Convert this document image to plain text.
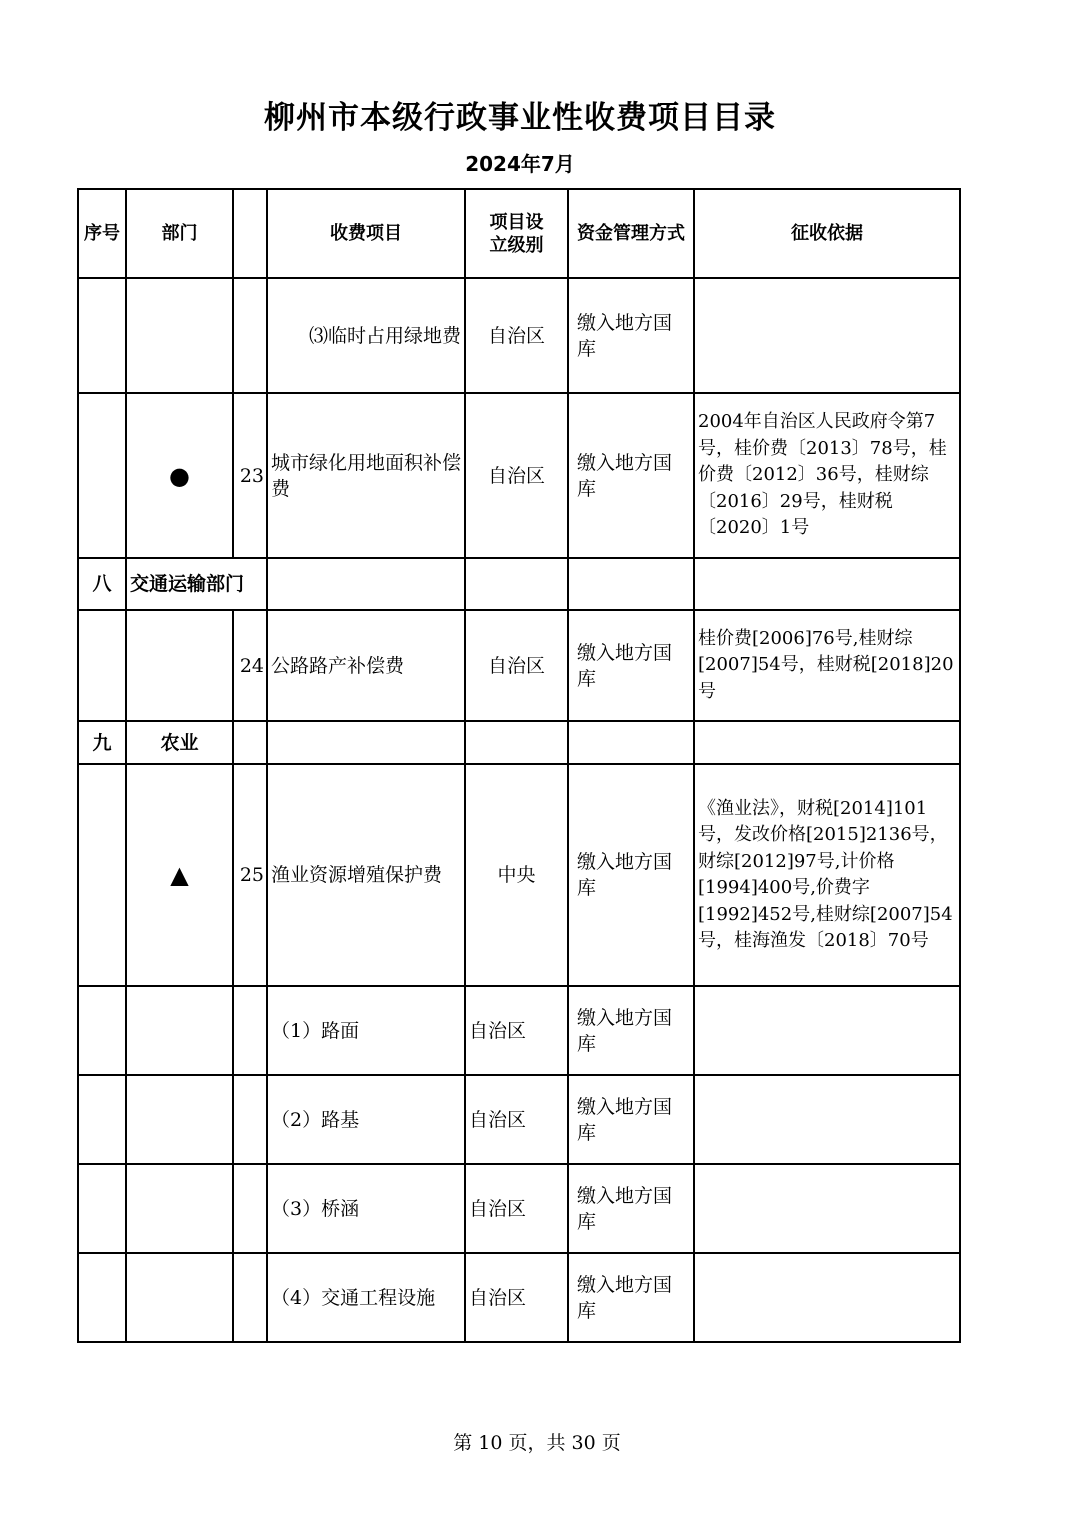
柳州市本级行政事业性收费项目目录
2024年7月
序号	部门		收费项目	项目设立级别	资金管理方式	征收依据
			　　⑶临时占用绿地费	自治区	缴入地方国库	
	●	23	城市绿化用地面积补偿费	自治区	缴入地方国库	2004年自治区人民政府令第7号，桂价费〔2013〕78号，桂价费〔2012〕36号，桂财综〔2016〕29号，桂财税〔2020〕1号
八	交通运输部门					
		24	公路路产补偿费	自治区	缴入地方国库	桂价费[2006]76号,桂财综[2007]54号，桂财税[2018]20号
九	农业					
	▲	25	渔业资源增殖保护费	中央	缴入地方国库	《渔业法》，财税[2014]101号，发改价格[2015]2136号，财综[2012]97号,计价格[1994]400号,价费字[1992]452号,桂财综[2007]54号，桂海渔发〔2018〕70号
			（1）路面	自治区	缴入地方国库	
			（2）路基	自治区	缴入地方国库	
			（3）桥涵	自治区	缴入地方国库	
			（4）交通工程设施	自治区	缴入地方国库	
第 10 页，共 30 页
